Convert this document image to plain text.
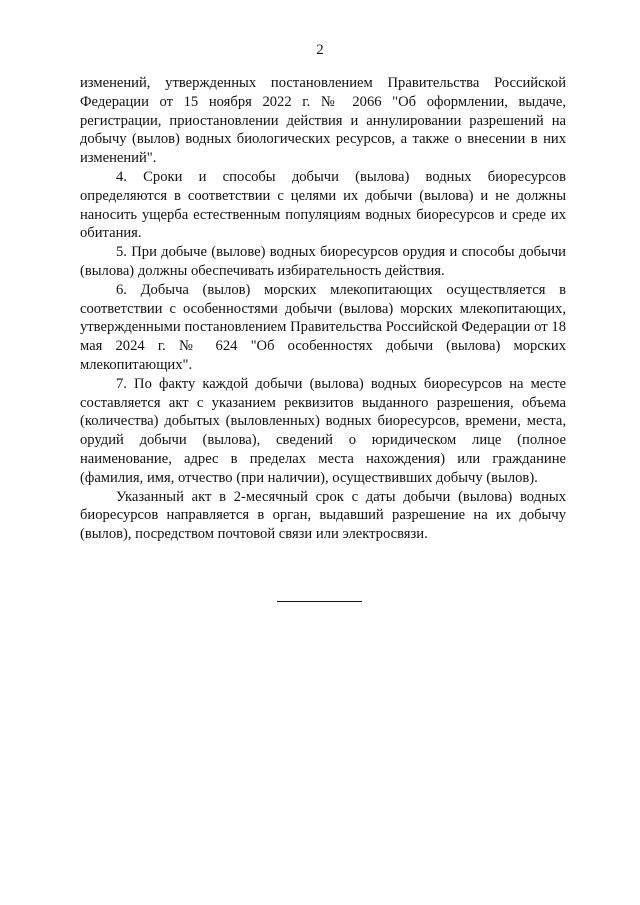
2

изменений, утвержденных постановлением Правительства Российской Федерации от 15 ноября 2022 г. № 2066 "Об оформлении, выдаче, регистрации, приостановлении действия и аннулировании разрешений на добычу (вылов) водных биологических ресурсов, а также о внесении в них изменений".

4. Сроки и способы добычи (вылова) водных биоресурсов определяются в соответствии с целями их добычи (вылова) и не должны наносить ущерба естественным популяциям водных биоресурсов и среде их обитания.

5. При добыче (вылове) водных биоресурсов орудия и способы добычи (вылова) должны обеспечивать избирательность действия.

6. Добыча (вылов) морских млекопитающих осуществляется в соответствии с особенностями добычи (вылова) морских млекопитающих, утвержденными постановлением Правительства Российской Федерации от 18 мая 2024 г. № 624 "Об особенностях добычи (вылова) морских млекопитающих".

7. По факту каждой добычи (вылова) водных биоресурсов на месте составляется акт с указанием реквизитов выданного разрешения, объема (количества) добытых (выловленных) водных биоресурсов, времени, места, орудий добычи (вылова), сведений о юридическом лице (полное наименование, адрес в пределах места нахождения) или гражданине (фамилия, имя, отчество (при наличии), осуществивших добычу (вылов).

Указанный акт в 2-месячный срок с даты добычи (вылова) водных биоресурсов направляется в орган, выдавший разрешение на их добычу (вылов), посредством почтовой связи или электросвязи.
